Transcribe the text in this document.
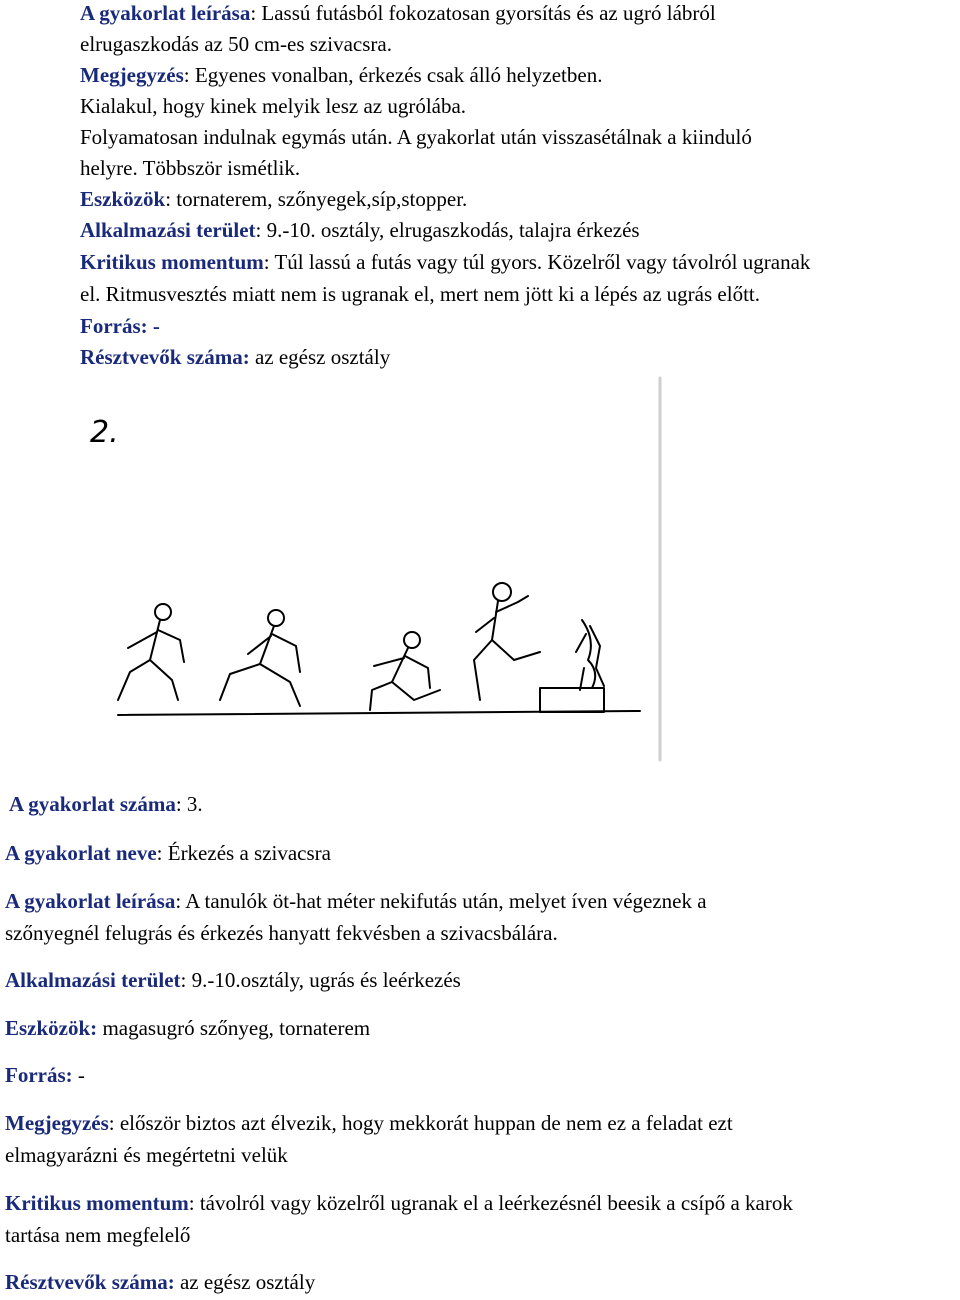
A gyakorlat leírása: Lassú futásból fokozatosan gyorsítás és az ugró lábról
elrugaszkodás az 50 cm-es szivacsra.
Megjegyzés: Egyenes vonalban, érkezés csak álló helyzetben.
Kialakul, hogy kinek melyik lesz az ugrólába.
Folyamatosan indulnak egymás után. A gyakorlat után visszasétálnak a kiinduló
helyre. Többször ismétlik.
Eszközök: tornaterem, szőnyegek,síp,stopper.
Alkalmazási terület: 9.-10. osztály, elrugaszkodás, talajra érkezés
Kritikus momentum: Túl lassú a futás vagy túl gyors. Közelről vagy távolról ugranak
el. Ritmusvesztés miatt nem is ugranak el, mert nem jött ki a lépés az ugrás előtt.
Forrás: -
Résztvevők száma: az egész osztály
2.
A gyakorlat száma: 3.
A gyakorlat neve: Érkezés a szivacsra
A gyakorlat leírása: A tanulók öt-hat méter nekifutás után, melyet íven végeznek a
szőnyegnél felugrás és érkezés hanyatt fekvésben a szivacsbálára.
Alkalmazási terület: 9.-10.osztály, ugrás és leérkezés
Eszközök: magasugró szőnyeg, tornaterem
Forrás: -
Megjegyzés: először biztos azt élvezik, hogy mekkorát huppan de nem ez a feladat ezt
elmagyarázni és megértetni velük
Kritikus momentum: távolról vagy közelről ugranak el a leérkezésnél beesik a csípő a karok
tartása nem megfelelő
Résztvevők száma: az egész osztály
